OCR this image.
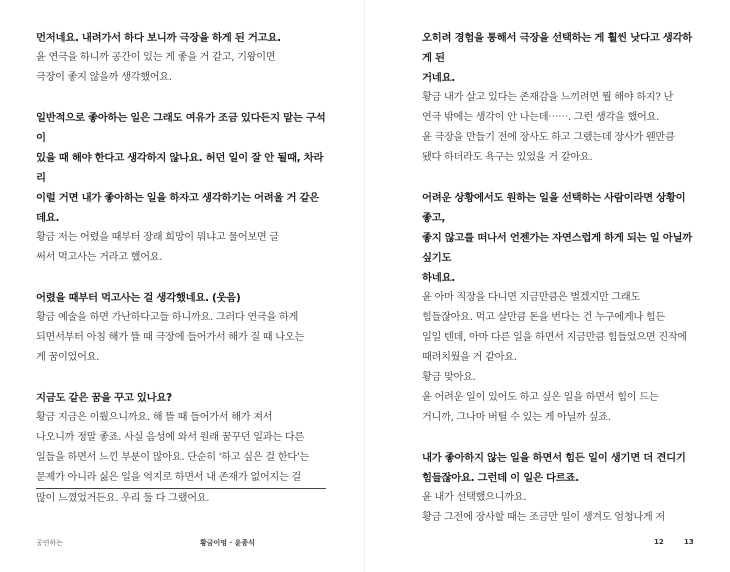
먼저네요. 내려가서 하다 보니까 극장을 하게 된 거고요.

윤 연극을 하니까 공간이 있는 게 좋을 거 같고, 기왕이면
극장이 좋지 않을까 생각했어요.

일반적으로 좋아하는 일은 그래도 여유가 조금 있다든지 맡는 구석이
있을 때 해야 한다고 생각하지 않나요. 허던 일이 잘 안 될때, 차라리
이럴 거면 내가 좋아하는 일을 하자고 생각하기는 어려울 거 같은데요.

황금 저는 어렸을 때부터 장래 희망이 뭐냐고 물어보면 글
써서 먹고사는 거라고 했어요.

어렸을 때부터 먹고사는 걸 생각했네요. (웃음)

황금 예술을 하면 가난하다고들 하니까요. 그러다 연극을 하게
되면서부터 아침 해가 뜰 때 극장에 들어가서 해가 질 때 나오는
게 꿈이었어요.

지금도 같은 꿈을 꾸고 있나요?

황금 지금은 이뤘으니까요. 해 뜰 때 들어가서 해가 져서
나오니까 정말 좋죠. 사실 음성에 와서 원래 꿈꾸던 일과는 다른
일들을 하면서 느낀 부분이 많아요. 단순히 '하고 싶은 걸 한다'는

문제가 아니라 싫은 일을 억지로 하면서 내 존재가 없어지는 걸

많이 느꼈었거든요. 우리 둘 다 그랬어요.

오히려 경험을 통해서 극장을 선택하는 게 훨씬 낫다고 생각하게 된
거네요.

황금 내가 살고 있다는 존재감을 느끼려면 뭘 해야 하지? 난
연극 밖에는 생각이 안 나는데⋯⋯. 그런 생각을 했어요.
윤 극장을 만들기 전에 장사도 하고 그랬는데 장사가 웬만큼
됐다 하더라도 욕구는 있었을 거 같아요.

어려운 상황에서도 원하는 일을 선택하는 사람이라면 상황이 좋고,
좋지 않고를 떠나서 언젠가는 자연스럽게 하게 되는 일 아닐까 싶기도
하네요.

윤 아마 직장을 다니면 지금만큼은 벌겠지만 그래도
힘들잖아요. 먹고 살만큼 돈을 번다는 건 누구에게나 힘든
일일 텐데, 아마 다른 일을 하면서 지금만큼 힘들었으면 진작에
때려치웠을 거 같아요.
황금 맞아요.
윤 어려운 일이 있어도 하고 싶은 일을 하면서 힘이 드는
거니까, 그나마 버틸 수 있는 게 아닐까 싶죠.

내가 좋아하지 않는 일을 하면서 힘든 일이 생기면 더 견디기
힘들잖아요. 그런데 이 일은 다르죠.

윤 내가 선택했으니까요.
황금 그전에 장사할 때는 조금만 일이 생겨도 엄청나게 저

공연하는	황금이엉 · 윤종식	12	13
